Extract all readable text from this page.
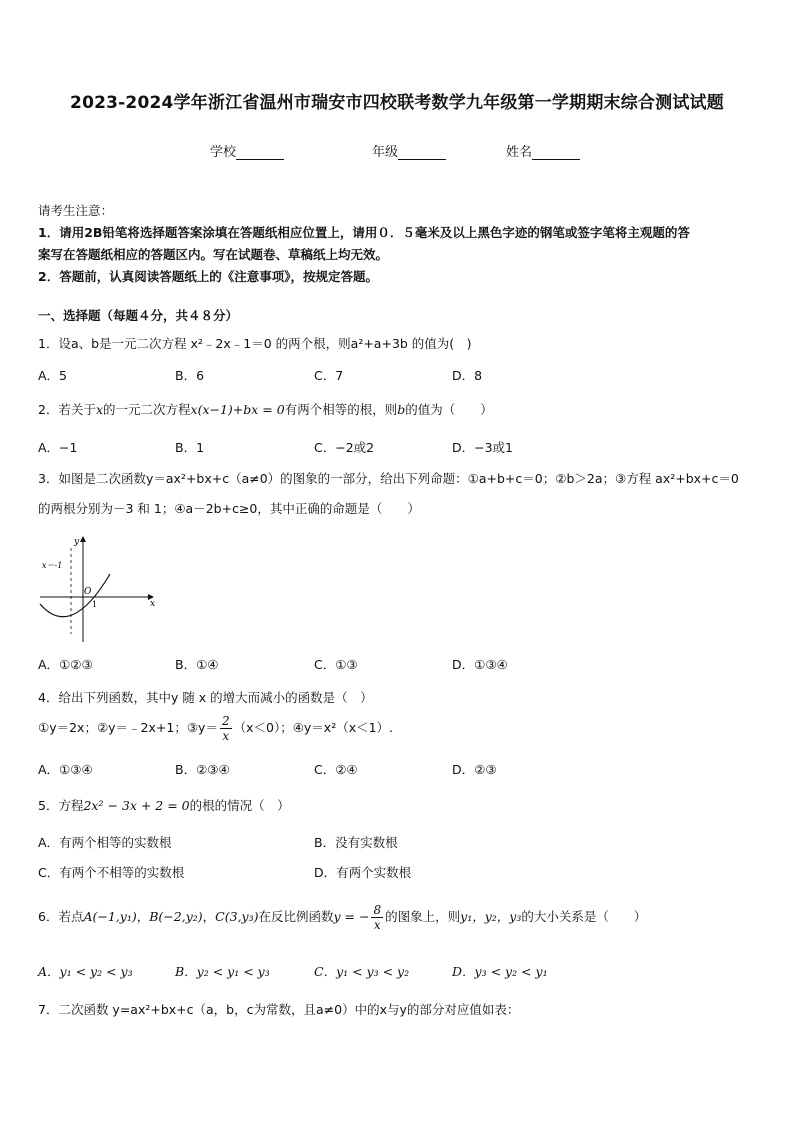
2023-2024学年浙江省温州市瑞安市四校联考数学九年级第一学期期末综合测试试题
学校	年级	姓名
请考生注意：
1．请用2B铅笔将选择题答案涂填在答题纸相应位置上，请用０．５毫米及以上黑色字迹的钢笔或签字笔将主观题的答
案写在答题纸相应的答题区内。写在试题卷、草稿纸上均无效。
2．答题前，认真阅读答题纸上的《注意事项》，按规定答题。
一、选择题（每题４分，共４８分）
1．设a、b是一元二次方程 x²﹣2x﹣1＝0 的两个根，则a²+a+3b 的值为(　)
A．5	B．6	C．7	D．8
2．若关于x的一元二次方程x(x−1)+bx = 0有两个相等的根，则b的值为（　　）
A．−1	B．1	C．−2或2	D．−3或1
3．如图是二次函数y＝ax²+bx+c（a≠0）的图象的一部分，给出下列命题：①a+b+c＝0；②b＞2a；③方程 ax²+bx+c＝0
的两根分别为－3 和 1；④a－2b+c≥0，其中正确的命题是（　　）
x
y
x＝-1
O
1
A．①②③	B．①④	C．①③	D．①③④
4．给出下列函数，其中y 随 x 的增大而减小的函数是（　）
①y＝2x；②y＝﹣2x+1；③y＝ $\frac{2}{x} (x<0)$；④y＝x²（x＜1）.
A．①③④	B．②③④	C．②④	D．②③
5．方程2x² − 3x + 2 = 0的根的情况（　）
A．有两个相等的实数根	B．没有实数根
C．有两个不相等的实数根	D．有两个实数根
6．若点A(−1,y₁)，B(−2,y₂)，C(3,y₃)在反比例函数y = − $\frac{8}{x}$ 的图象上，则y₁，y₂，y₃的大小关系是（　　）
A．y₁ < y₂ < y₃	B．y₂ < y₁ < y₃	C．y₁ < y₃ < y₂	D．y₃ < y₂ < y₁
7．二次函数 y=ax²+bx+c（a，b，c为常数，且a≠0）中的x与y的部分对应值如表：
